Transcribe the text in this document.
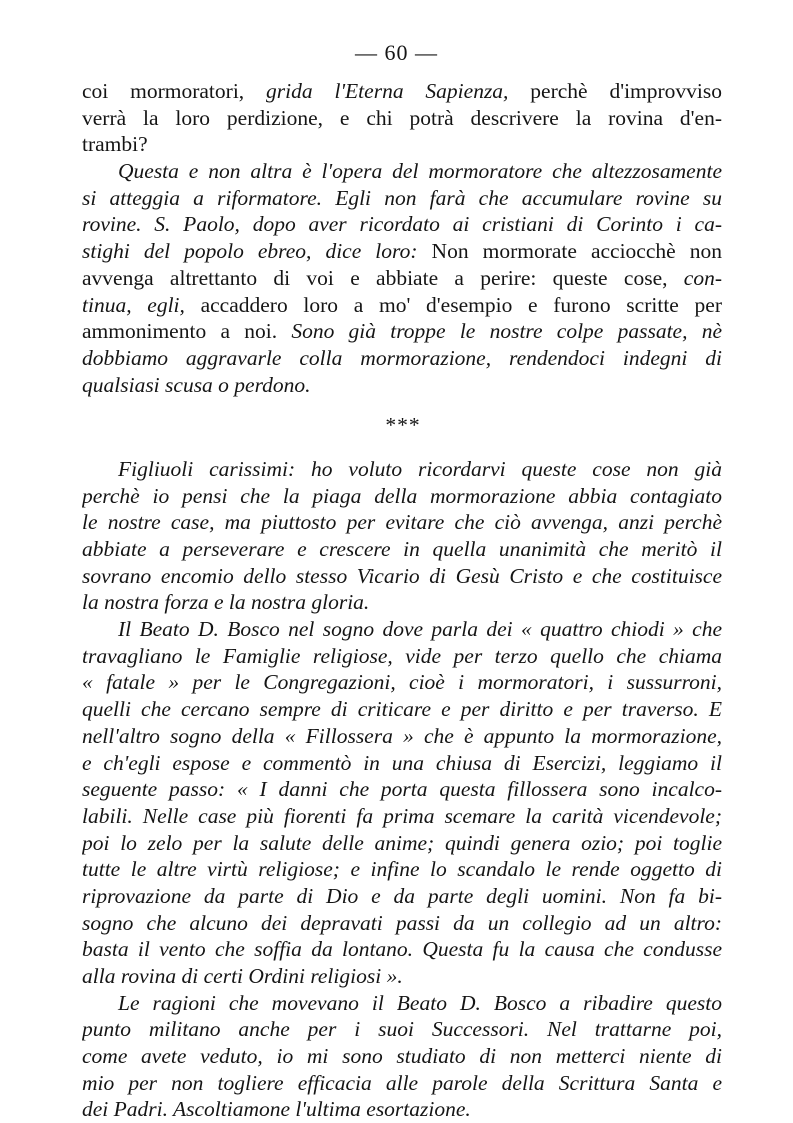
— 60 —
coi mormoratori, grida l'Eterna Sapienza, perchè d'improvviso
verrà la loro perdizione, e chi potrà descrivere la rovina d'en-
trambi?
Questa e non altra è l'opera del mormoratore che altezzosamente
si atteggia a riformatore. Egli non farà che accumulare rovine su
rovine. S. Paolo, dopo aver ricordato ai cristiani di Corinto i ca-
stighi del popolo ebreo, dice loro: Non mormorate acciocchè non
avvenga altrettanto di voi e abbiate a perire: queste cose, con-
tinua, egli, accaddero loro a mo' d'esempio e furono scritte per
ammonimento a noi. Sono già troppe le nostre colpe passate, nè
dobbiamo aggravarle colla mormorazione, rendendoci indegni di
qualsiasi scusa o perdono.
***
Figliuoli carissimi: ho voluto ricordarvi queste cose non già
perchè io pensi che la piaga della mormorazione abbia contagiato
le nostre case, ma piuttosto per evitare che ciò avvenga, anzi perchè
abbiate a perseverare e crescere in quella unanimità che meritò il
sovrano encomio dello stesso Vicario di Gesù Cristo e che costituisce
la nostra forza e la nostra gloria.
Il Beato D. Bosco nel sogno dove parla dei « quattro chiodi » che
travagliano le Famiglie religiose, vide per terzo quello che chiama
« fatale » per le Congregazioni, cioè i mormoratori, i sussurroni,
quelli che cercano sempre di criticare e per diritto e per traverso. E
nell'altro sogno della « Fillossera » che è appunto la mormorazione,
e ch'egli espose e commentò in una chiusa di Esercizi, leggiamo il
seguente passo: « I danni che porta questa fillossera sono incalco-
labili. Nelle case più fiorenti fa prima scemare la carità vicendevole;
poi lo zelo per la salute delle anime; quindi genera ozio; poi toglie
tutte le altre virtù religiose; e infine lo scandalo le rende oggetto di
riprovazione da parte di Dio e da parte degli uomini. Non fa bi-
sogno che alcuno dei depravati passi da un collegio ad un altro:
basta il vento che soffia da lontano. Questa fu la causa che condusse
alla rovina di certi Ordini religiosi ».
Le ragioni che movevano il Beato D. Bosco a ribadire questo
punto militano anche per i suoi Successori. Nel trattarne poi,
come avete veduto, io mi sono studiato di non metterci niente di
mio per non togliere efficacia alle parole della Scrittura Santa e
dei Padri. Ascoltiamone l'ultima esortazione.
